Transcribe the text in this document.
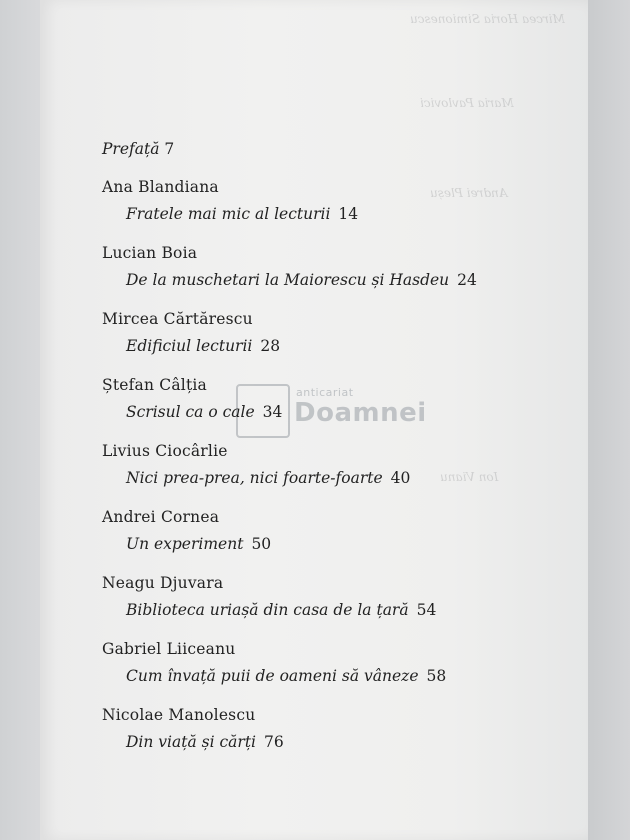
Mircea Horia Simionescu
Maria Pavlovici
Ion Vianu
Andrei Pleșu
anticariat
Doamnei
Prefață 7
Ana Blandiana
Fratele mai mic al lecturii 14
Lucian Boia
De la muschetari la Maiorescu și Hasdeu 24
Mircea Cărtărescu
Edificiul lecturii 28
Ștefan Câlția
Scrisul ca o cale 34
Livius Ciocârlie
Nici prea-prea, nici foarte-foarte 40
Andrei Cornea
Un experiment 50
Neagu Djuvara
Biblioteca uriașă din casa de la țară 54
Gabriel Liiceanu
Cum învață puii de oameni să vâneze 58
Nicolae Manolescu
Din viață și cărți 76
